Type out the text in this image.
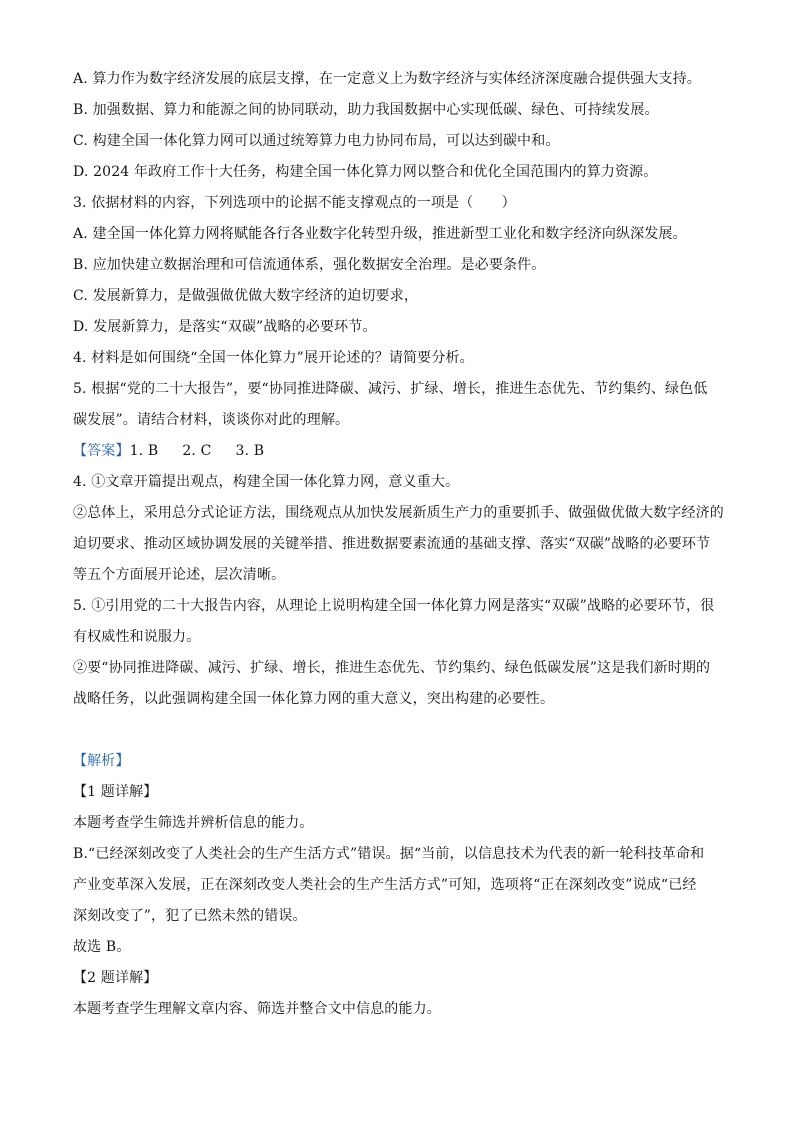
A. 算力作为数字经济发展的底层支撑，在一定意义上为数字经济与实体经济深度融合提供强大支持。
B. 加强数据、算力和能源之间的协同联动，助力我国数据中心实现低碳、绿色、可持续发展。
C. 构建全国一体化算力网可以通过统筹算力电力协同布局，可以达到碳中和。
D. 2024 年政府工作十大任务，构建全国一体化算力网以整合和优化全国范围内的算力资源。
3. 依据材料的内容，下列选项中的论据不能支撑观点的一项是（　　）
A. 建全国一体化算力网将赋能各行各业数字化转型升级，推进新型工业化和数字经济向纵深发展。
B. 应加快建立数据治理和可信流通体系，强化数据安全治理。是必要条件。
C. 发展新算力，是做强做优做大数字经济的迫切要求，
D. 发展新算力，是落实“双碳”战略的必要环节。
4. 材料是如何围绕“全国一体化算力”展开论述的？请简要分析。
5. 根据“党的二十大报告”，要“协同推进降碳、减污、扩绿、增长，推进生态优先、节约集约、绿色低
碳发展”。请结合材料，谈谈你对此的理解。
【答案】1. B 2. C 3. B
4. ①文章开篇提出观点，构建全国一体化算力网，意义重大。
②总体上，采用总分式论证方法，围绕观点从加快发展新质生产力的重要抓手、做强做优做大数字经济的
迫切要求、推动区域协调发展的关键举措、推进数据要素流通的基础支撑、落实“双碳”战略的必要环节
等五个方面展开论述，层次清晰。
5. ①引用党的二十大报告内容，从理论上说明构建全国一体化算力网是落实“双碳”战略的必要环节，很
有权威性和说服力。
②要“协同推进降碳、减污、扩绿、增长，推进生态优先、节约集约、绿色低碳发展”这是我们新时期的
战略任务，以此强调构建全国一体化算力网的重大意义，突出构建的必要性。
【解析】
【1 题详解】
本题考查学生筛选并辨析信息的能力。
B.“已经深刻改变了人类社会的生产生活方式”错误。据“当前，以信息技术为代表的新一轮科技革命和
产业变革深入发展，正在深刻改变人类社会的生产生活方式”可知，选项将“正在深刻改变”说成“已经
深刻改变了”，犯了已然未然的错误。
故选 B。
【2 题详解】
本题考查学生理解文章内容、筛选并整合文中信息的能力。
